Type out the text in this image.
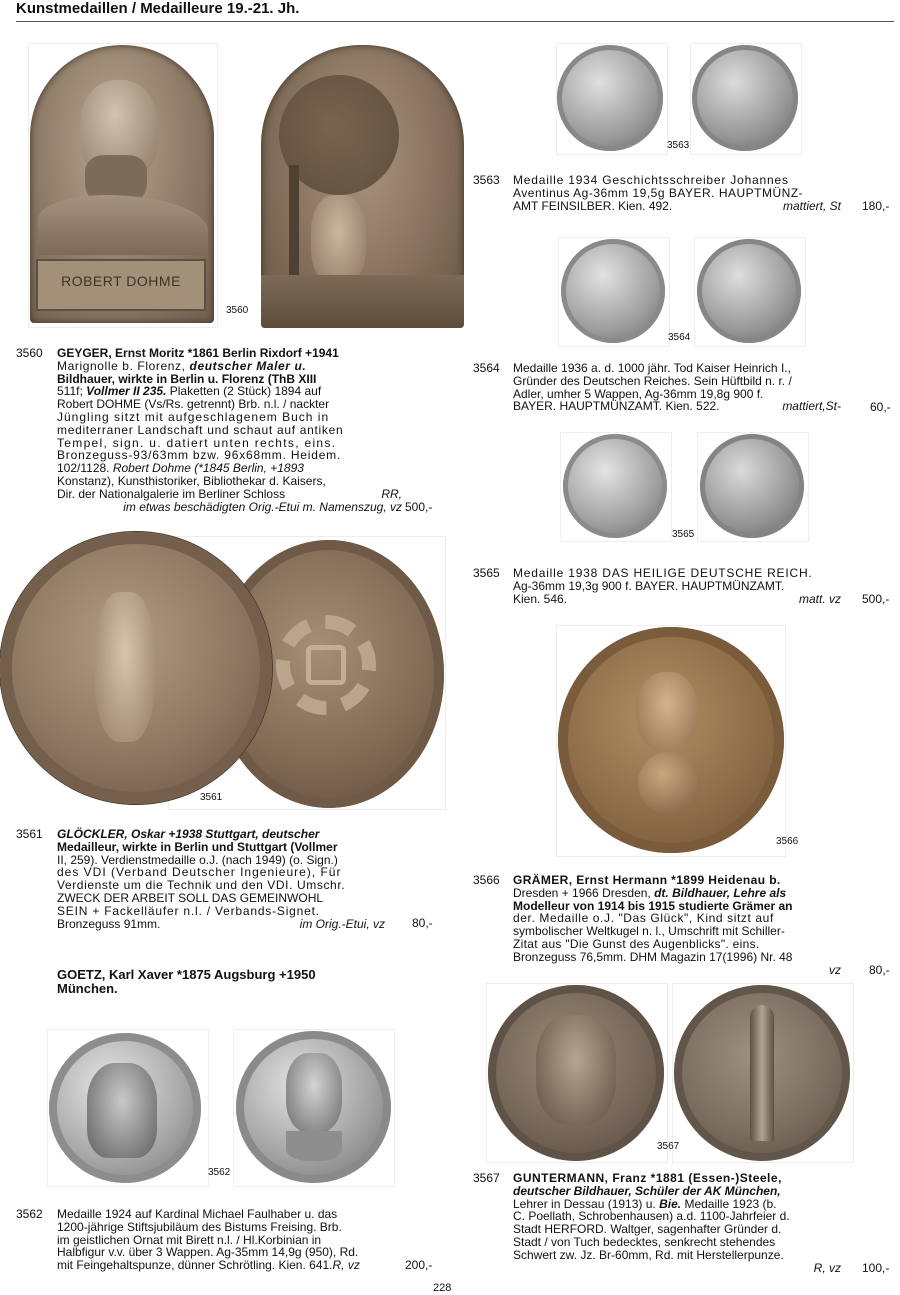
Kunstmedaillen / Medailleure 19.-21. Jh.
ROBERT DOHME
3560
3561
3562
3563
3564
3565
3566
3567
3560 GEYGER, Ernst Moritz *1861 Berlin Rixdorf +1941
Marignolle b. Florenz, deutscher Maler u.
Bildhauer, wirkte in Berlin u. Florenz (ThB XIII
511f; Vollmer II 235. Plaketten (2 Stück) 1894 auf
Robert DOHME (Vs/Rs. getrennt) Brb. n.l. / nackter
Jüngling sitzt mit aufgeschlagenem Buch in
mediterraner Landschaft und schaut auf antiken
Tempel, sign. u. datiert unten rechts, eins.
Bronzeguss-93/63mm bzw. 96x68mm. Heidem.
102/1128. Robert Dohme (*1845 Berlin, +1893
Konstanz), Kunsthistoriker, Bibliothekar d. Kaisers,
Dir. der Nationalgalerie im Berliner Schloss	RR,
im etwas beschädigten Orig.-Etui m. Namenszug, vz 500,-
3561 GLÖCKLER, Oskar +1938 Stuttgart, deutscher
Medailleur, wirkte in Berlin und Stuttgart (Vollmer
II, 259). Verdienstmedaille o.J. (nach 1949) (o. Sign.)
des VDI (Verband Deutscher Ingenieure), Für
Verdienste um die Technik und den VDI. Umschr.
ZWECK DER ARBEIT SOLL DAS GEMEINWOHL
SEIN + Fackelläufer n.l. / Verbands-Signet.
Bronzeguss 91mm.	im Orig.-Etui, vz 80,-
GOETZ, Karl Xaver *1875 Augsburg +1950
München.
3562 Medaille 1924 auf Kardinal Michael Faulhaber u. das
1200-jährige Stiftsjubiläum des Bistums Freising. Brb.
im geistlichen Ornat mit Birett n.l. / Hl.Korbinian in
Halbfigur v.v. über 3 Wappen. Ag-35mm 14,9g (950), Rd.
mit Feingehaltspunze, dünner Schrötling. Kien. 641.R, vz	200,-
3563 Medaille 1934 Geschichtsschreiber Johannes
Aventinus Ag-36mm 19,5g BAYER. HAUPTMÜNZ-
AMT FEINSILBER. Kien. 492.	mattiert, St 180,-
3564 Medaille 1936 a. d. 1000 jähr. Tod Kaiser Heinrich I.,
Gründer des Deutschen Reiches. Sein Hüftbild n. r. /
Adler, umher 5 Wappen, Ag-36mm 19,8g 900 f.
BAYER. HAUPTMÜNZAMT. Kien. 522.	mattiert,St- 60,-
3565 Medaille 1938 DAS HEILIGE DEUTSCHE REICH.
Ag-36mm 19,3g 900 f. BAYER. HAUPTMÜNZAMT.
Kien. 546.	matt. vz 500,-
3566 GRÄMER, Ernst Hermann *1899 Heidenau b.
Dresden + 1966 Dresden, dt. Bildhauer, Lehre als
Modelleur von 1914 bis 1915 studierte Grämer an
der. Medaille o.J. "Das Glück", Kind sitzt auf
symbolischer Weltkugel n. l., Umschrift mit Schiller-
Zitat aus "Die Gunst des Augenblicks". eins.
Bronzeguss 76,5mm. DHM Magazin 17(1996) Nr. 48
vz 80,-
3567 GUNTERMANN, Franz *1881 (Essen-)Steele,
deutscher Bildhauer, Schüler der AK München,
Lehrer in Dessau (1913) u. Bie. Medaille 1923 (b.
C. Poellath, Schrobenhausen) a.d. 1100-Jahrfeier d.
Stadt HERFORD. Waltger, sagenhafter Gründer d.
Stadt / von Tuch bedecktes, senkrecht stehendes
Schwert zw. Jz. Br-60mm, Rd. mit Herstellerpunze.
R, vz 100,-
228
